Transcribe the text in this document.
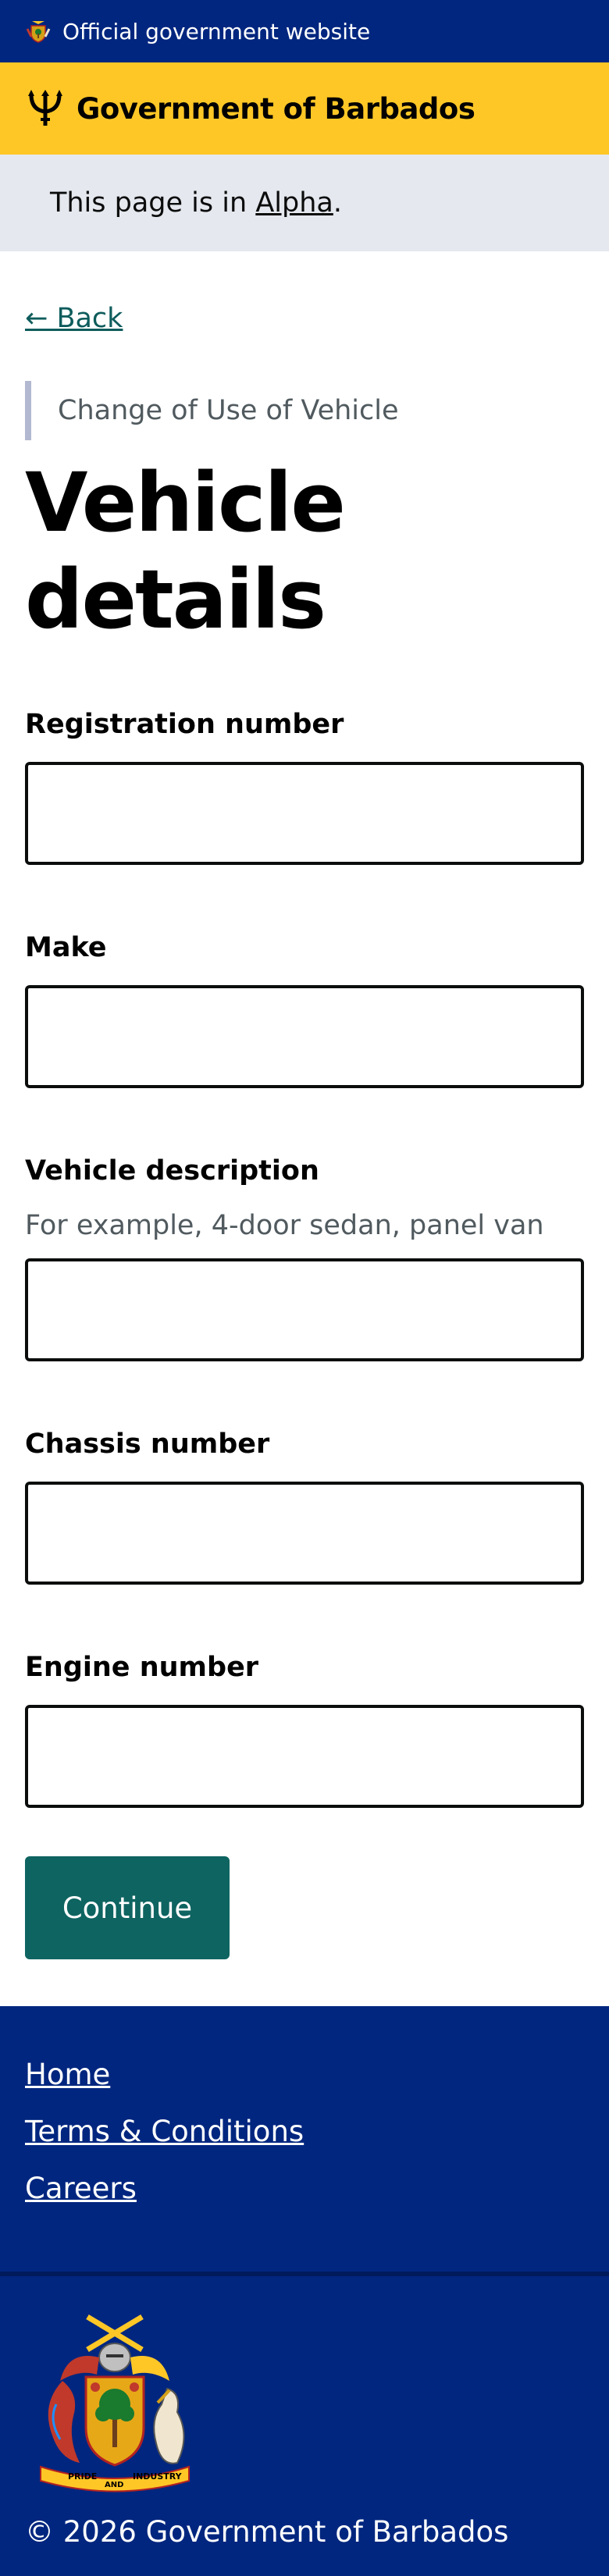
Official government website
Government of Barbados
This page is in Alpha .
← Back
Change of Use of Vehicle
Vehicle details
Registration number
Make
Vehicle description
For example, 4-door sedan, panel van
Chassis number
Engine number
Continue
Home
Terms & Conditions
Careers
PRIDE
AND
INDUSTRY
© 2026 Government of Barbados
